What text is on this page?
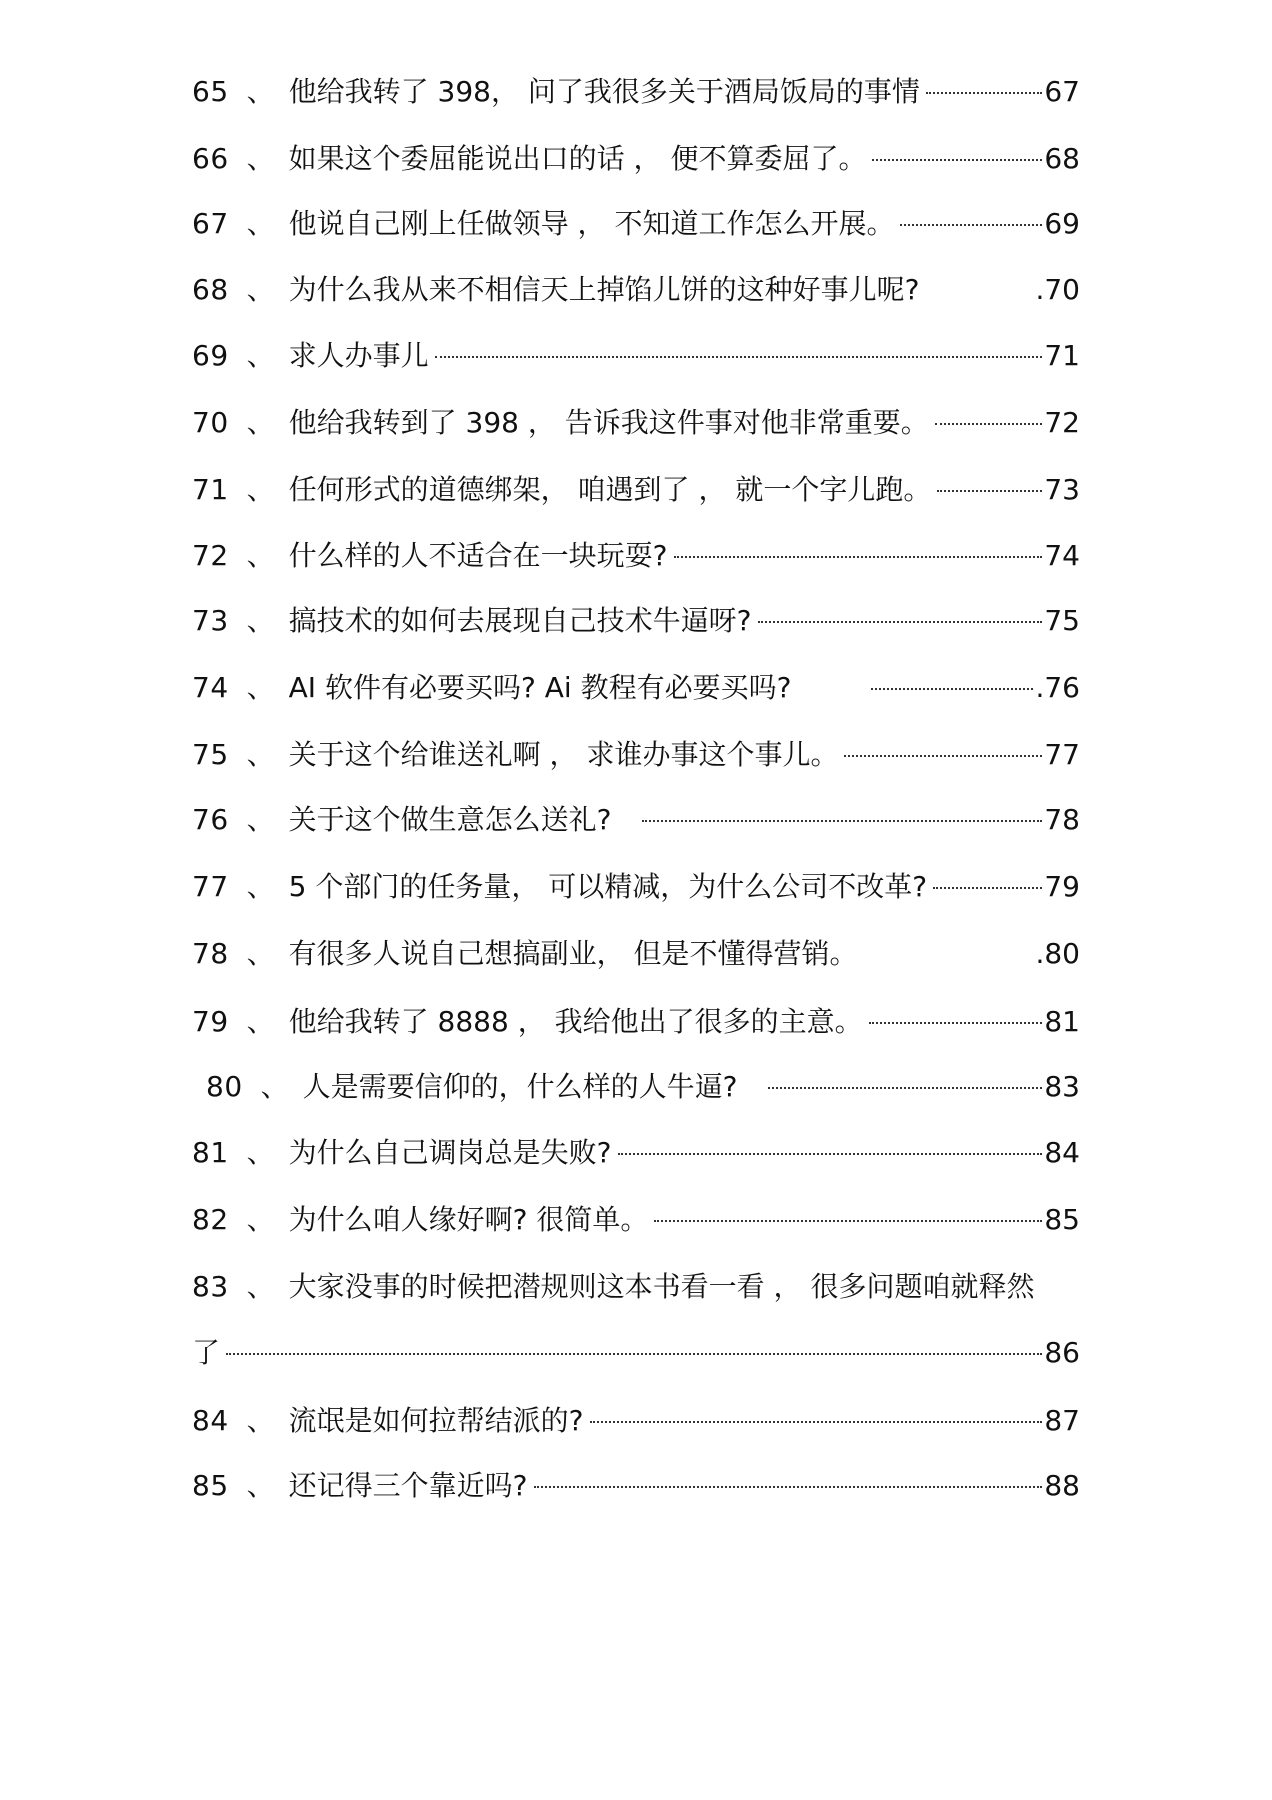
65 、 他给我转了 398， 问了我很多关于酒局饭局的事情	67
66 、 如果这个委屈能说出口的话 ， 便不算委屈了。	68
67 、 他说自己刚上任做领导 ， 不知道工作怎么开展。	69
68 、 为什么我从来不相信天上掉馅儿饼的这种好事儿呢?	.70
69 、 求人办事儿	71
70 、 他给我转到了 398 ， 告诉我这件事对他非常重要。	72
71 、 任何形式的道德绑架， 咱遇到了 ， 就一个字儿跑。	73
72 、 什么样的人不适合在一块玩耍?	74
73 、 搞技术的如何去展现自己技术牛逼呀?	75
74 、 AI 软件有必要买吗? Ai 教程有必要买吗?	.76
75 、 关于这个给谁送礼啊 ， 求谁办事这个事儿。	77
76 、 关于这个做生意怎么送礼?	78
77 、 5 个部门的任务量， 可以精减，为什么公司不改革?	79
78 、 有很多人说自己想搞副业， 但是不懂得营销。	.80
79 、 他给我转了 8888 ， 我给他出了很多的主意。	81
80 、 人是需要信仰的，什么样的人牛逼?	83
81 、 为什么自己调岗总是失败?	84
82 、 为什么咱人缘好啊? 很简单。	85
83 、 大家没事的时候把潜规则这本书看一看 ， 很多问题咱就释然
了	86
84 、 流氓是如何拉帮结派的?	87
85 、 还记得三个靠近吗?	88
